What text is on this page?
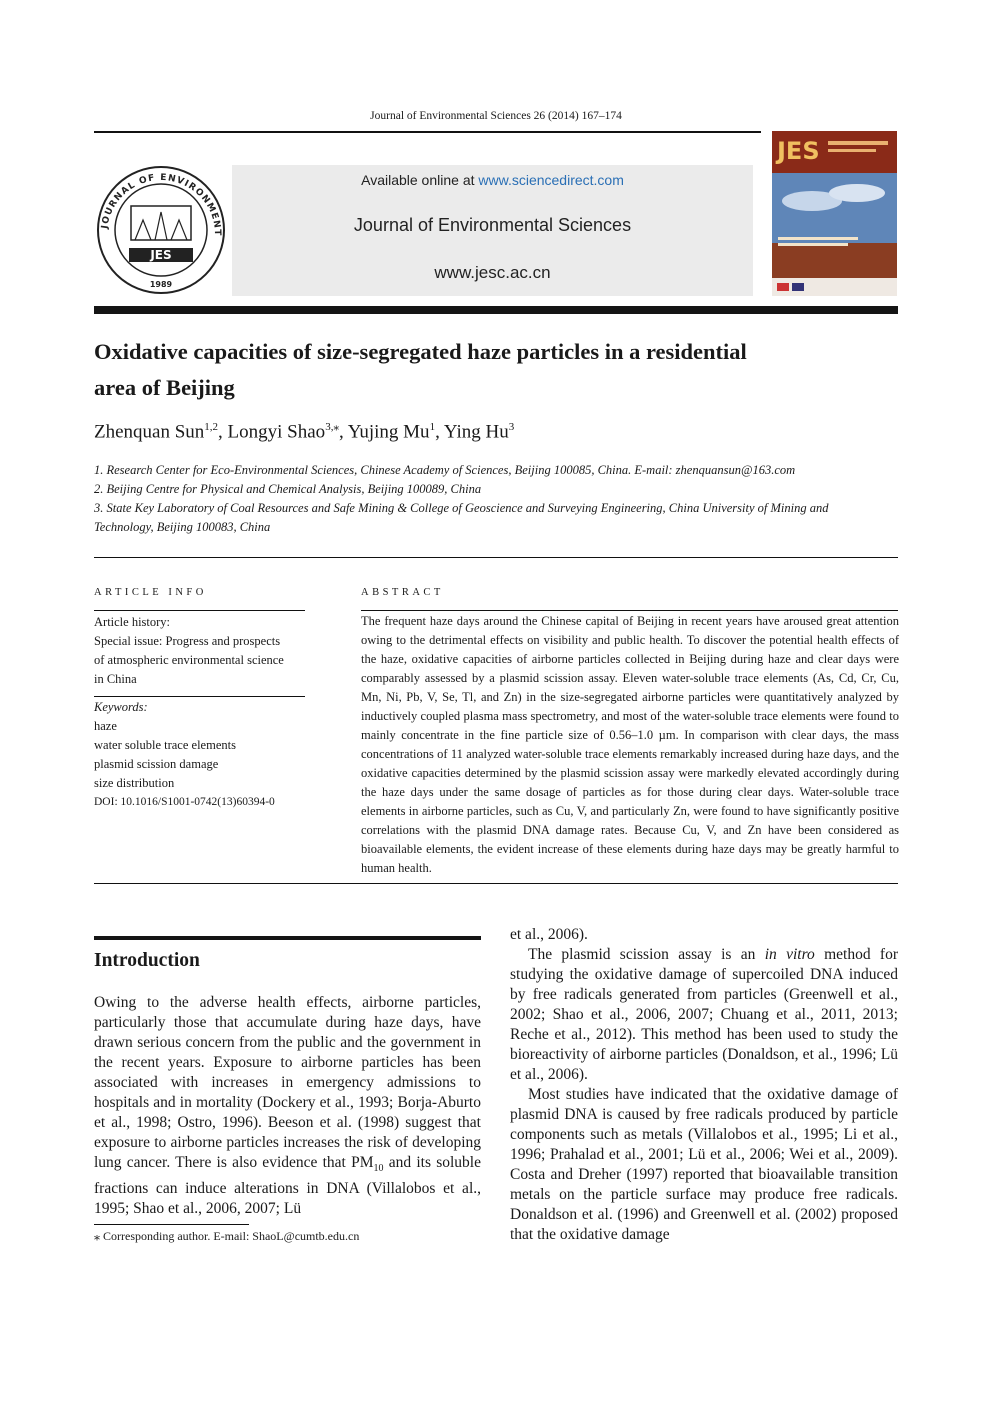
Journal of Environmental Sciences 26 (2014) 167–174
JOURNAL OF ENVIRONMENT
JES
1989
Available online at www.sciencedirect.com
Journal of Environmental Sciences
www.jesc.ac.cn
JES
Oxidative capacities of size-segregated haze particles in a residential
area of Beijing
Zhenquan Sun$^{1,2}$, Longyi Shao$^{3,⁎}$, Yujing Mu$^1$, Ying Hu$^3$
1. Research Center for Eco-Environmental Sciences, Chinese Academy of Sciences, Beijing 100085, China. E-mail: zhenquansun@163.com
2. Beijing Centre for Physical and Chemical Analysis, Beijing 100089, China
3. State Key Laboratory of Coal Resources and Safe Mining & College of Geoscience and Surveying Engineering, China University of Mining and
Technology, Beijing 100083, China
ARTICLE INFO
Article history:
Special issue: Progress and prospects
of atmospheric environmental science
in China
Keywords:
haze
water soluble trace elements
plasmid scission damage
size distribution
DOI: 10.1016/S1001-0742(13)60394-0
ABSTRACT
The frequent haze days around the Chinese capital of Beijing in recent years have aroused great attention owing to the detrimental effects on visibility and public health. To discover the potential health effects of the haze, oxidative capacities of airborne particles collected in Beijing during haze and clear days were comparably assessed by a plasmid scission assay. Eleven water-soluble trace elements (As, Cd, Cr, Cu, Mn, Ni, Pb, V, Se, Tl, and Zn) in the size-segregated airborne particles were quantitatively analyzed by inductively coupled plasma mass spectrometry, and most of the water-soluble trace elements were found to mainly concentrate in the fine particle size of 0.56–1.0 µm. In comparison with clear days, the mass concentrations of 11 analyzed water-soluble trace elements remarkably increased during haze days, and the oxidative capacities determined by the plasmid scission assay were markedly elevated accordingly during the haze days under the same dosage of particles as for those during clear days. Water-soluble trace elements in airborne particles, such as Cu, V, and particularly Zn, were found to have significantly positive correlations with the plasmid DNA damage rates. Because Cu, V, and Zn have been considered as bioavailable elements, the evident increase of these elements during haze days may be greatly harmful to human health.
Introduction

Owing to the adverse health effects, airborne particles, particularly those that accumulate during haze days, have drawn serious concern from the public and the government in the recent years. Exposure to airborne particles has been associated with increases in emergency admissions to hospitals and in mortality (Dockery et al., 1993; Borja-Aburto et al., 1998; Ostro, 1996). Beeson et al. (1998) suggest that exposure to airborne particles increases the risk of developing lung cancer. There is also evidence that $PM_{10}$ and its soluble fractions can induce alterations in DNA (Villalobos et al., 1995; Shao et al., 2006, 2007; Lü

et al., 2006).

The plasmid scission assay is an in vitro method for studying the oxidative damage of supercoiled DNA induced by free radicals generated from particles (Greenwell et al., 2002; Shao et al., 2006, 2007; Chuang et al., 2011, 2013; Reche et al., 2012). This method has been used to study the bioreactivity of airborne particles (Donaldson, et al., 1996; Lü et al., 2006).

Most studies have indicated that the oxidative damage of plasmid DNA is caused by free radicals produced by particle components such as metals (Villalobos et al., 1995; Li et al., 1996; Prahalad et al., 2001; Lü et al., 2006; Wei et al., 2009). Costa and Dreher (1997) reported that bioavailable transition metals on the particle surface may produce free radicals. Donaldson et al. (1996) and Greenwell et al. (2002) proposed that the oxidative damage

⁎ Corresponding author. E-mail: ShaoL@cumtb.edu.cn
